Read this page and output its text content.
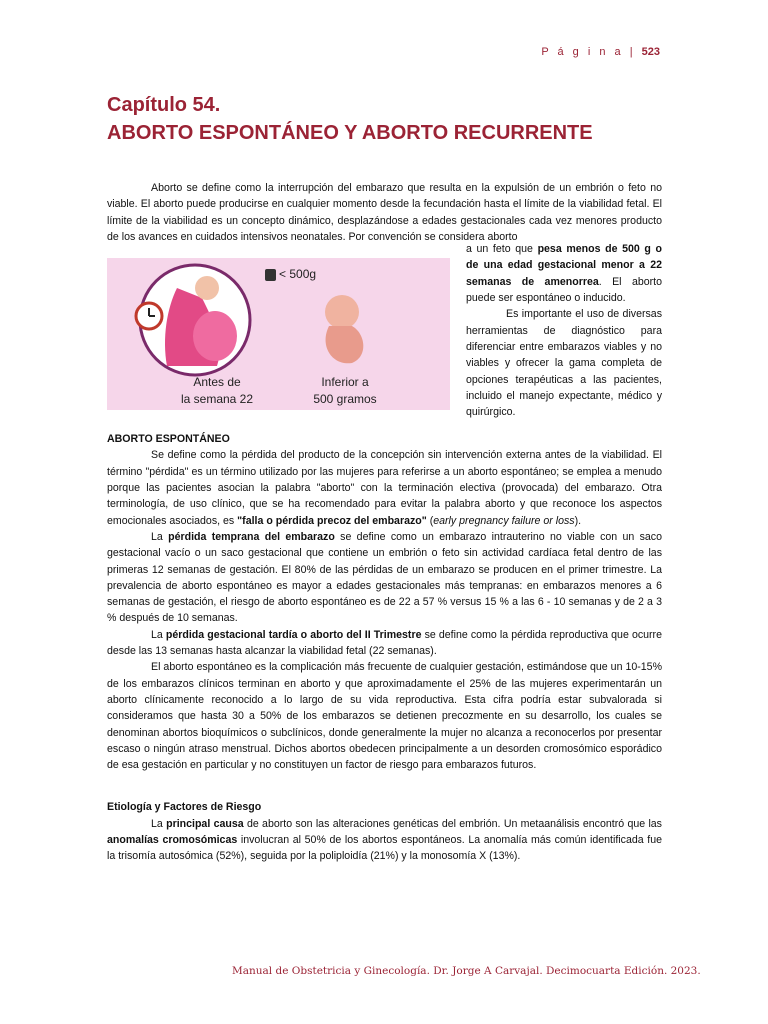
P á g i n a | 523
Capítulo 54.
ABORTO ESPONTÁNEO Y ABORTO RECURRENTE

Aborto se define como la interrupción del embarazo que resulta en la expulsión de un embrión o feto no viable. El aborto puede producirse en cualquier momento desde la fecundación hasta el límite de la viabilidad fetal. El límite de la viabilidad es un concepto dinámico, desplazándose a edades gestacionales cada vez menores producto de los avances en cuidados intensivos neonatales. Por convención se considera aborto

< 500g
Antes de
la semana 22
Inferior a
500 gramos

a un feto que pesa menos de 500 g o de una edad gestacional menor a 22 semanas de amenorrea. El aborto puede ser espontáneo o inducido.

Es importante el uso de diversas herramientas de diagnóstico para diferenciar entre embarazos viables y no viables y ofrecer la gama completa de opciones terapéuticas a las pacientes, incluido el manejo expectante, médico y quirúrgico.

ABORTO ESPONTÁNEO

Se define como la pérdida del producto de la concepción sin intervención externa antes de la viabilidad. El término "pérdida" es un término utilizado por las mujeres para referirse a un aborto espontáneo; se emplea a menudo porque las pacientes asocian la palabra "aborto" con la terminación electiva (provocada) del embarazo. Otra terminología, de uso clínico, que se ha recomendado para evitar la palabra aborto y que reconoce los aspectos emocionales asociados, es "falla o pérdida precoz del embarazo" (early pregnancy failure or loss).

La pérdida temprana del embarazo se define como un embarazo intrauterino no viable con un saco gestacional vacío o un saco gestacional que contiene un embrión o feto sin actividad cardíaca fetal dentro de las primeras 12 semanas de gestación. El 80% de las pérdidas de un embarazo se producen en el primer trimestre. La prevalencia de aborto espontáneo es mayor a edades gestacionales más tempranas: en embarazos menores a 6 semanas de gestación, el riesgo de aborto espontáneo es de 22 a 57 % versus 15 % a las 6 - 10 semanas y de 2 a 3 % después de 10 semanas.

La pérdida gestacional tardía o aborto del II Trimestre se define como la pérdida reproductiva que ocurre desde las 13 semanas hasta alcanzar la viabilidad fetal (22 semanas).

El aborto espontáneo es la complicación más frecuente de cualquier gestación, estimándose que un 10-15% de los embarazos clínicos terminan en aborto y que aproximadamente el 25% de las mujeres experimentarán un aborto clínicamente reconocido a lo largo de su vida reproductiva. Esta cifra podría estar subvalorada si consideramos que hasta 30 a 50% de los embarazos se detienen precozmente en su desarrollo, los cuales se denominan abortos bioquímicos o subclínicos, donde generalmente la mujer no alcanza a reconocerlos por presentar escaso o ningún atraso menstrual. Dichos abortos obedecen principalmente a un desorden cromosómico esporádico de esa gestación en particular y no constituyen un factor de riesgo para embarazos futuros.

Etiología y Factores de Riesgo

La principal causa de aborto son las alteraciones genéticas del embrión. Un metaanálisis encontró que las anomalías cromosómicas involucran al 50% de los abortos espontáneos. La anomalía más común identificada fue la trisomía autosómica (52%), seguida por la poliploidía (21%) y la monosomía X (13%).

Manual de Obstetricia y Ginecología. Dr. Jorge A Carvajal. Decimocuarta Edición. 2023.
